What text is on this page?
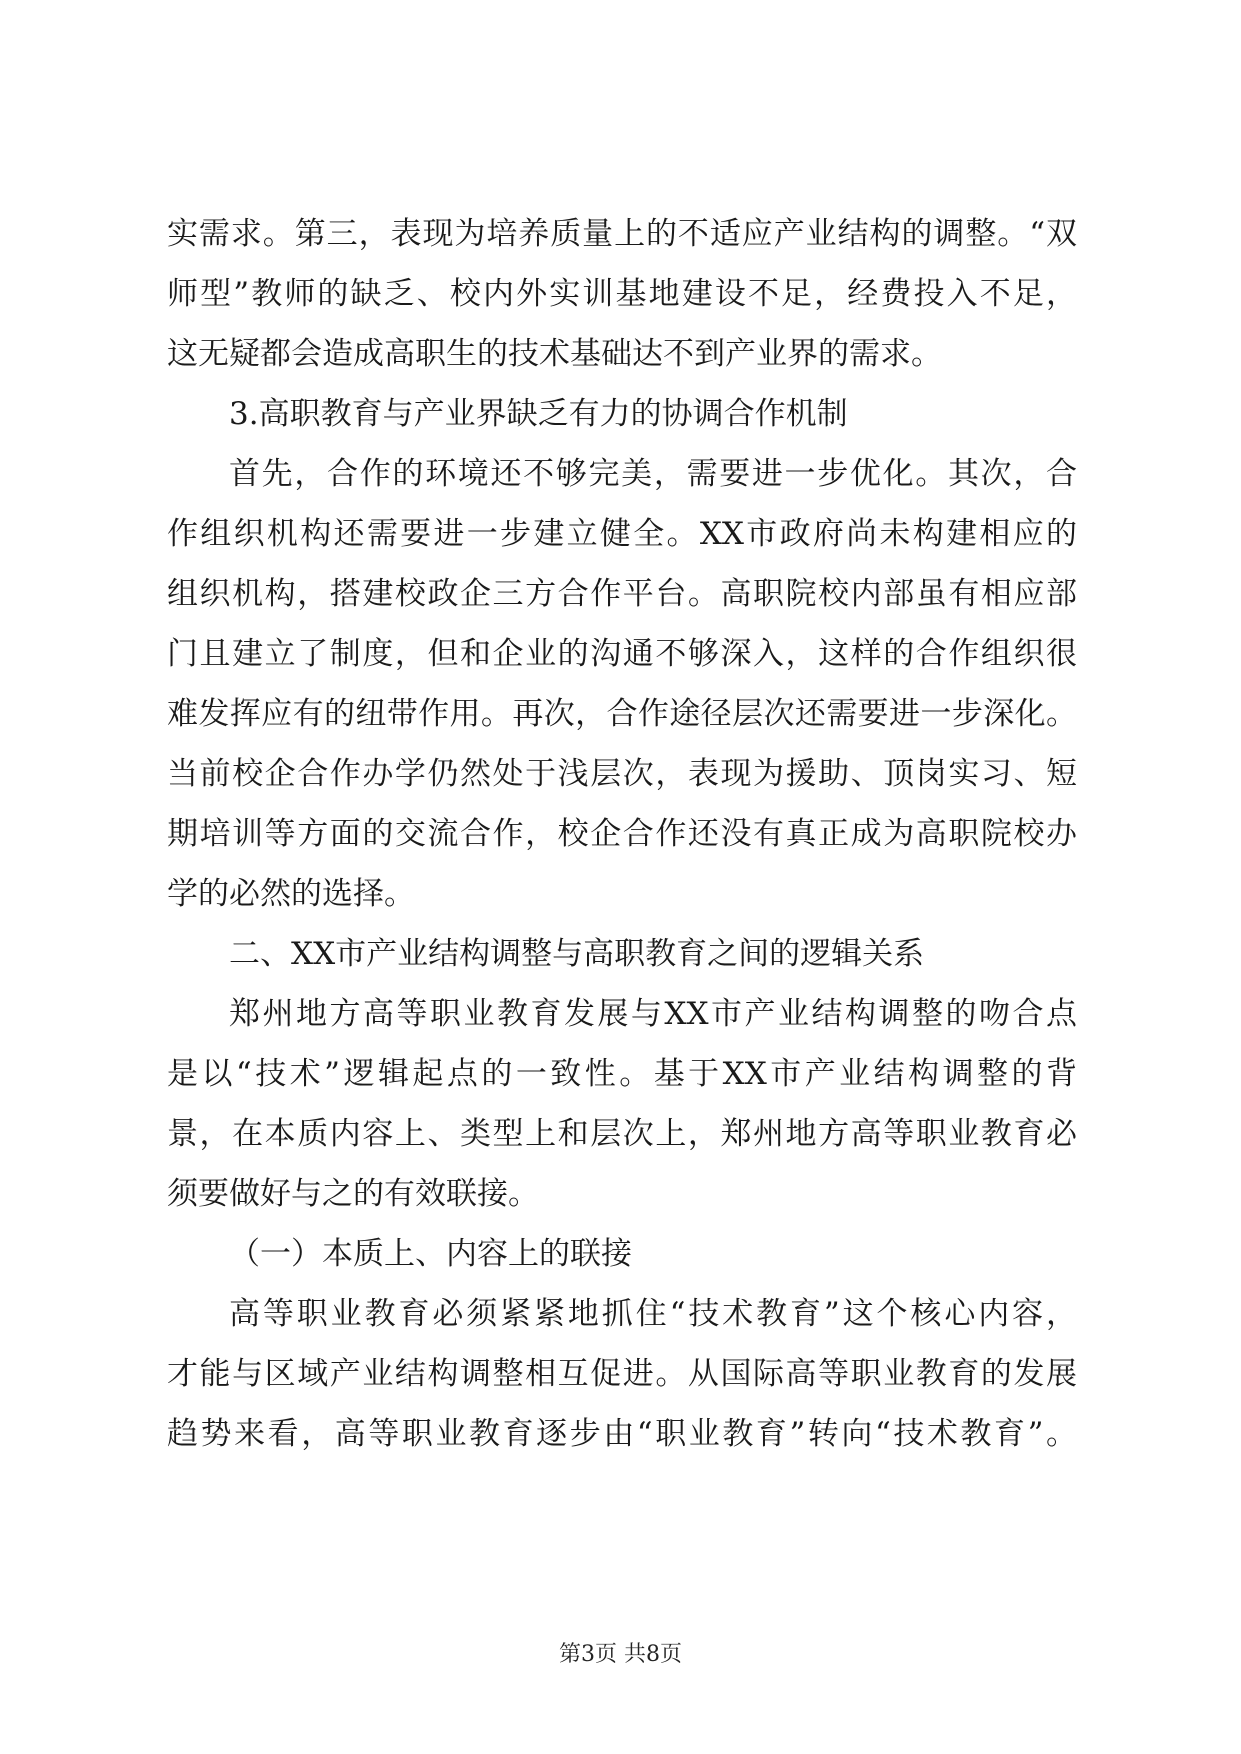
实需求。第三，表现为培养质量上的不适应产业结构的调整。“双
师型”教师的缺乏、校内外实训基地建设不足，经费投入不足，
这无疑都会造成高职生的技术基础达不到产业界的需求。
3.高职教育与产业界缺乏有力的协调合作机制
首先，合作的环境还不够完美，需要进一步优化。其次，合
作组织机构还需要进一步建立健全。XX市政府尚未构建相应的
组织机构，搭建校政企三方合作平台。高职院校内部虽有相应部
门且建立了制度，但和企业的沟通不够深入，这样的合作组织很
难发挥应有的纽带作用。再次，合作途径层次还需要进一步深化。
当前校企合作办学仍然处于浅层次，表现为援助、顶岗实习、短
期培训等方面的交流合作，校企合作还没有真正成为高职院校办
学的必然的选择。
二、XX市产业结构调整与高职教育之间的逻辑关系
郑州地方高等职业教育发展与XX市产业结构调整的吻合点
是以“技术”逻辑起点的一致性。基于XX市产业结构调整的背
景，在本质内容上、类型上和层次上，郑州地方高等职业教育必
须要做好与之的有效联接。
（一）本质上、内容上的联接
高等职业教育必须紧紧地抓住“技术教育”这个核心内容，
才能与区域产业结构调整相互促进。从国际高等职业教育的发展
趋势来看，高等职业教育逐步由“职业教育”转向“技术教育”。
第3页 共8页
